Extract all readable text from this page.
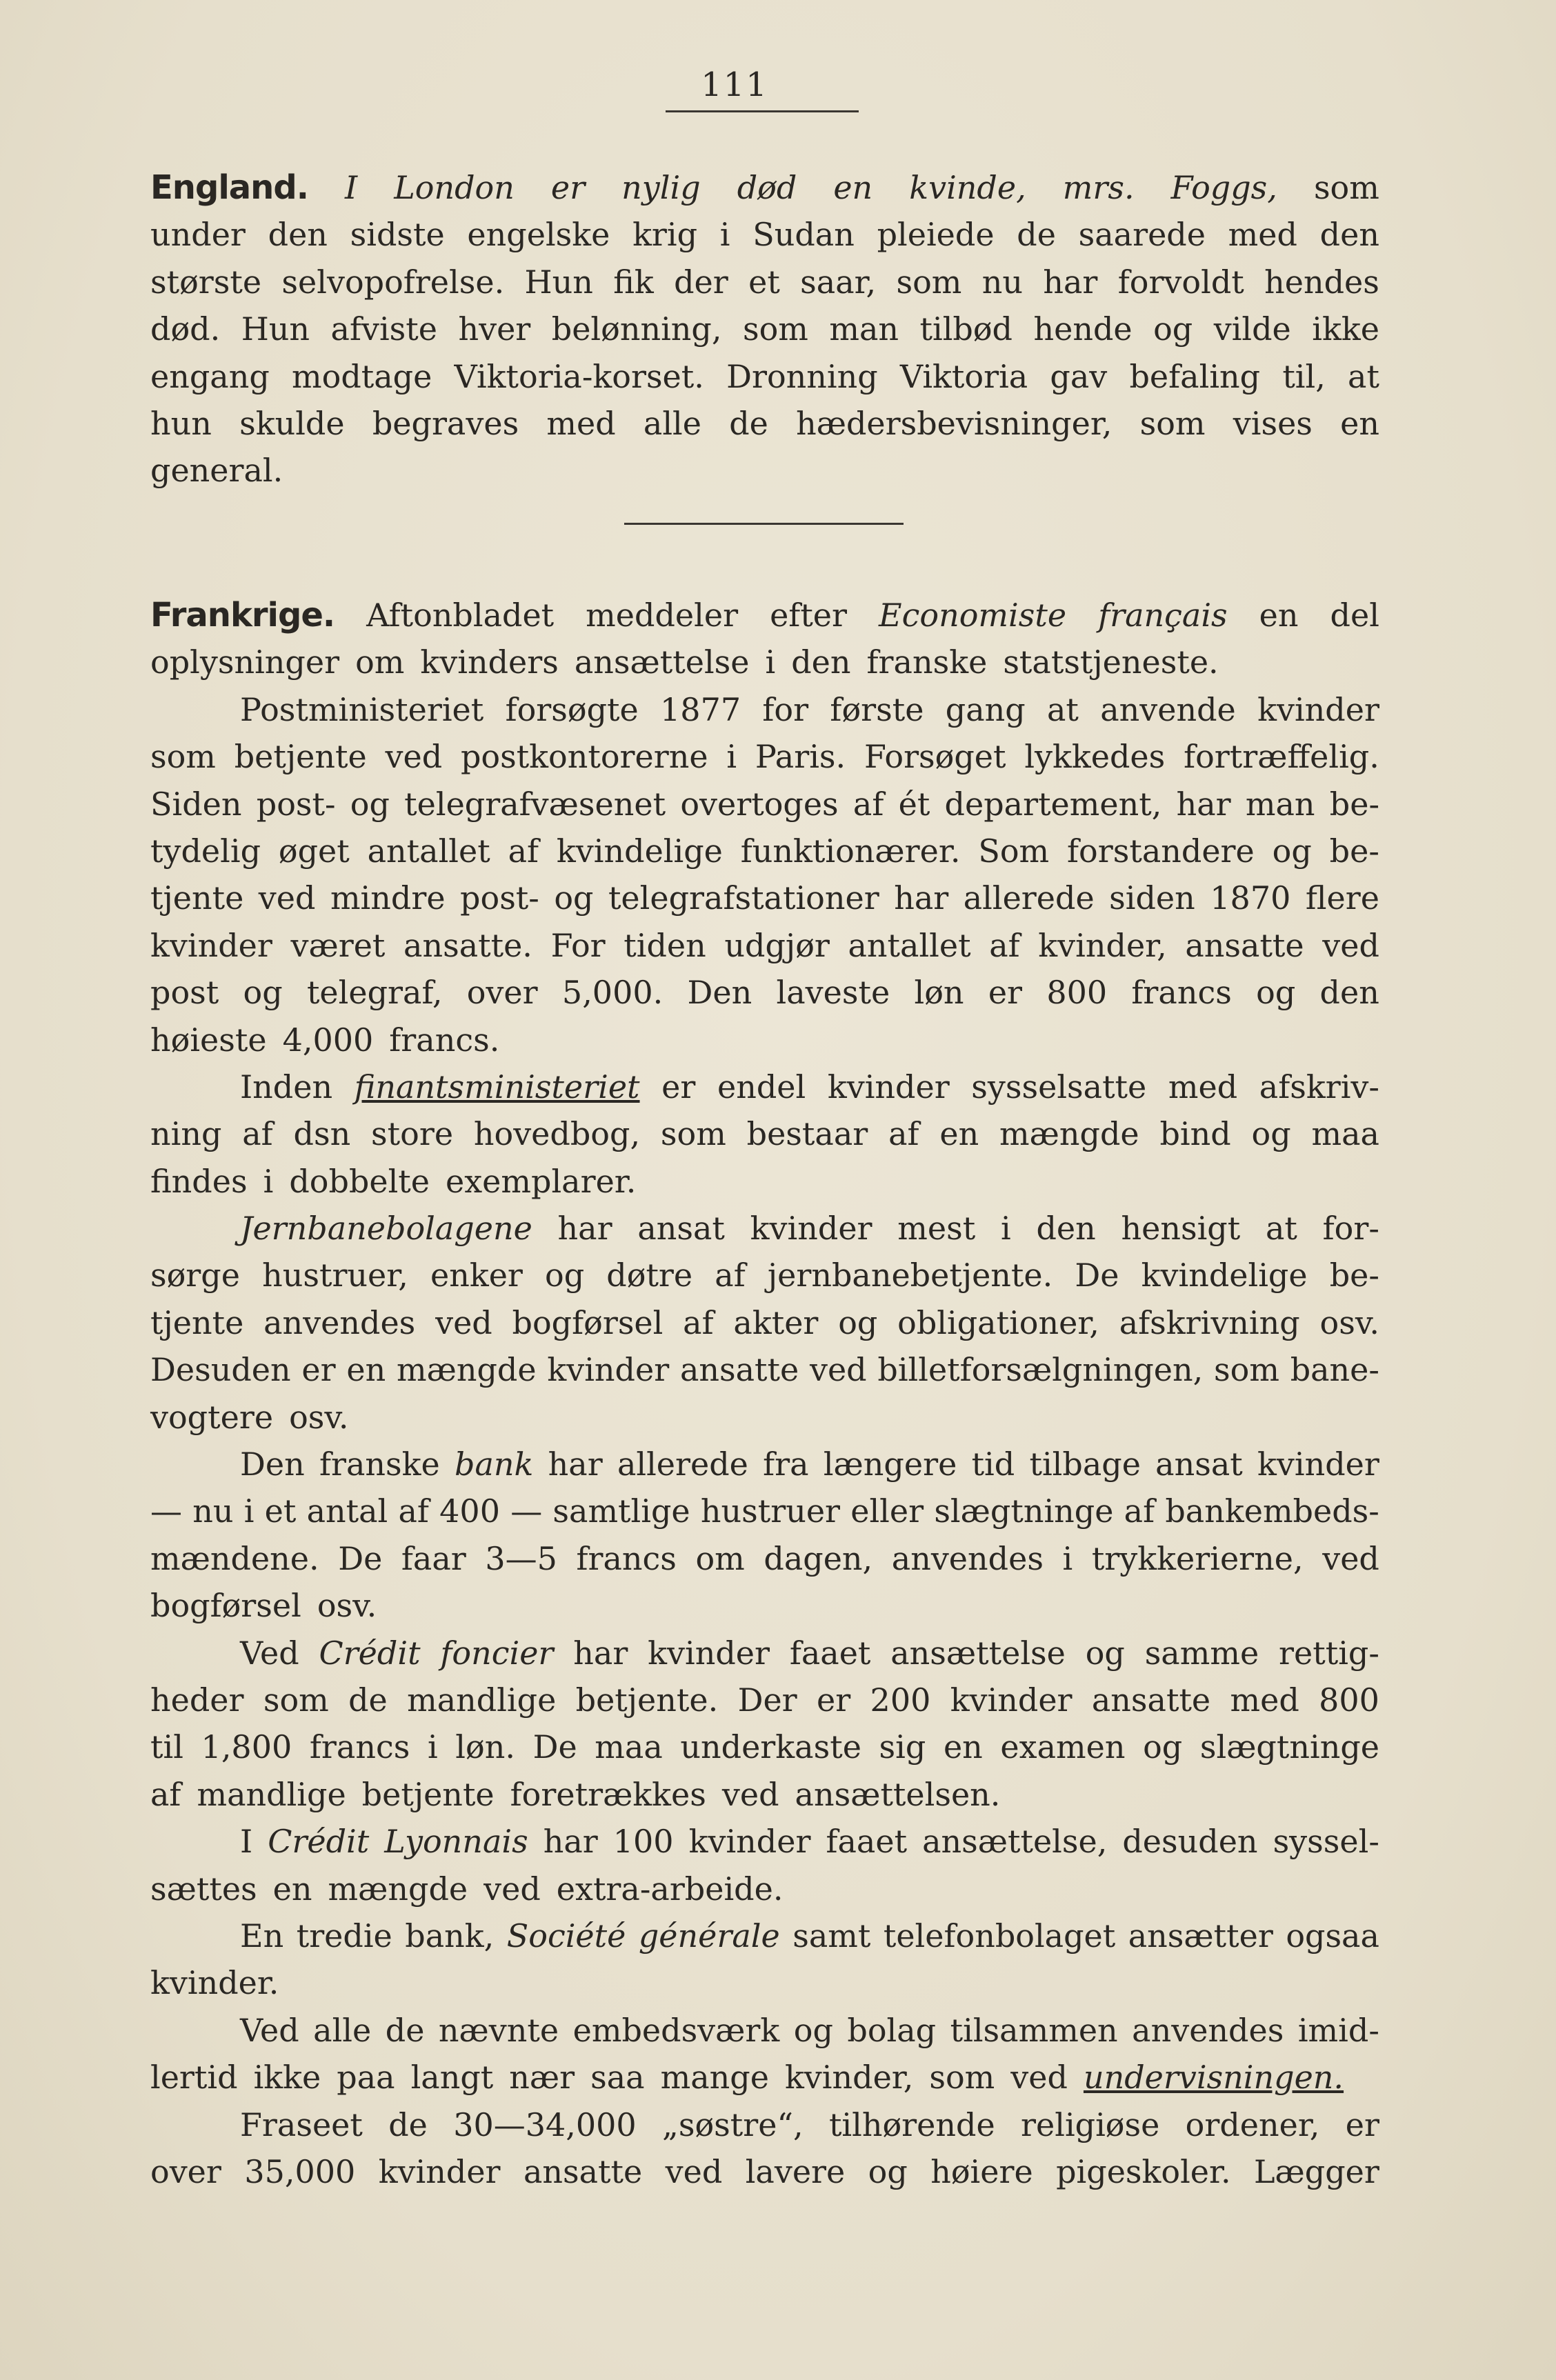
111
England. I London er nylig død en kvinde, mrs. Foggs, som
under den sidste engelske krig i Sudan pleiede de saarede med den
største selvopofrelse. Hun fik der et saar, som nu har forvoldt hendes
død. Hun afviste hver belønning, som man tilbød hende og vilde ikke
engang modtage Viktoria-korset. Dronning Viktoria gav befaling til, at
hun skulde begraves med alle de hædersbevisninger, som vises en
general.
Frankrige. Aftonbladet meddeler efter Economiste français en del
oplysninger om kvinders ansættelse i den franske statstjeneste.
Postministeriet forsøgte 1877 for første gang at anvende kvinder
som betjente ved postkontorerne i Paris. Forsøget lykkedes fortræffelig.
Siden post- og telegrafvæsenet overtoges af ét departement, har man be-
tydelig øget antallet af kvindelige funktionærer. Som forstandere og be-
tjente ved mindre post- og telegrafstationer har allerede siden 1870 flere
kvinder været ansatte. For tiden udgjør antallet af kvinder, ansatte ved
post og telegraf, over 5,000. Den laveste løn er 800 francs og den
høieste 4,000 francs.
Inden finantsministeriet er endel kvinder sysselsatte med afskriv-
ning af dsn store hovedbog, som bestaar af en mængde bind og maa
findes i dobbelte exemplarer.
Jernbanebolagene har ansat kvinder mest i den hensigt at for-
sørge hustruer, enker og døtre af jernbanebetjente. De kvindelige be-
tjente anvendes ved bogførsel af akter og obligationer, afskrivning osv.
Desuden er en mængde kvinder ansatte ved billetforsælgningen, som bane-
vogtere osv.
Den franske bank har allerede fra længere tid tilbage ansat kvinder
— nu i et antal af 400 — samtlige hustruer eller slægtninge af bankembeds-
mændene. De faar 3—5 francs om dagen, anvendes i trykkerierne, ved
bogførsel osv.
Ved Crédit foncier har kvinder faaet ansættelse og samme rettig-
heder som de mandlige betjente. Der er 200 kvinder ansatte med 800
til 1,800 francs i løn. De maa underkaste sig en examen og slægtninge
af mandlige betjente foretrækkes ved ansættelsen.
I Crédit Lyonnais har 100 kvinder faaet ansættelse, desuden syssel-
sættes en mængde ved extra-arbeide.
En tredie bank, Société générale samt telefonbolaget ansætter ogsaa
kvinder.
Ved alle de nævnte embedsværk og bolag tilsammen anvendes imid-
lertid ikke paa langt nær saa mange kvinder, som ved undervisningen.
Fraseet de 30—34,000 „søstre“, tilhørende religiøse ordener, er
over 35,000 kvinder ansatte ved lavere og høiere pigeskoler. Lægger
